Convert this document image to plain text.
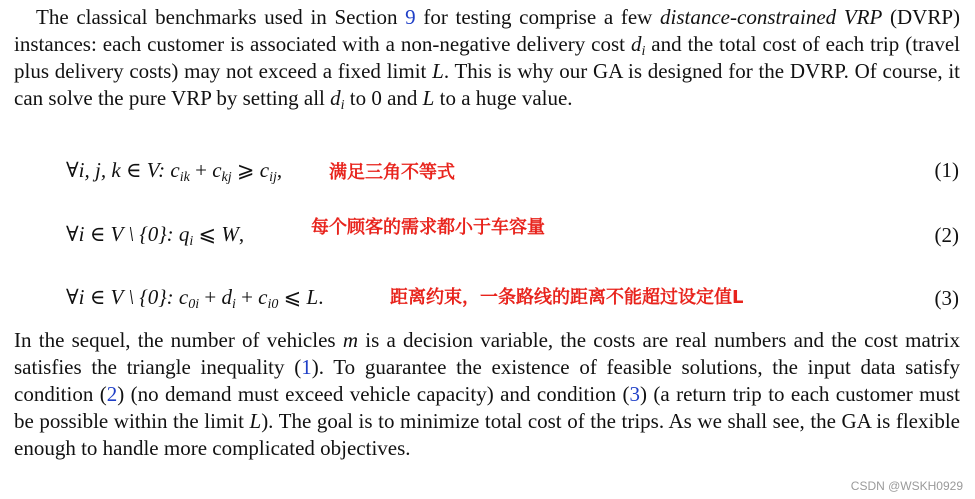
The classical benchmarks used in Section 9 for testing comprise a few distance-constrained VRP (DVRP) instances: each customer is associated with a non-negative delivery cost $d_i$ and the total cost of each trip (travel plus delivery costs) may not exceed a fixed limit L. This is why our GA is designed for the DVRP. Of course, it can solve the pure VRP by setting all $d_i$ to 0 and L to a huge value.

∀i, j, k ∈ V: $c_{ik} + c_{kj}$ ⩾ $c_{ij}$,	满足三角不等式	(1)
∀i ∈ V \ {0}: $q_i$ ⩽ W,	每个顾客的需求都小于车容量	(2)
∀i ∈ V \ {0}: $c_{0i} + d_i + c_{i0}$ ⩽ L.	距离约束，一条路线的距离不能超过设定值L	(3)

In the sequel, the number of vehicles m is a decision variable, the costs are real numbers and the cost matrix satisfies the triangle inequality (1). To guarantee the existence of feasible solutions, the input data satisfy condition (2) (no demand must exceed vehicle capacity) and condition (3) (a return trip to each customer must be possible within the limit L). The goal is to minimize total cost of the trips. As we shall see, the GA is flexible enough to handle more complicated objectives.

CSDN @WSKH0929
